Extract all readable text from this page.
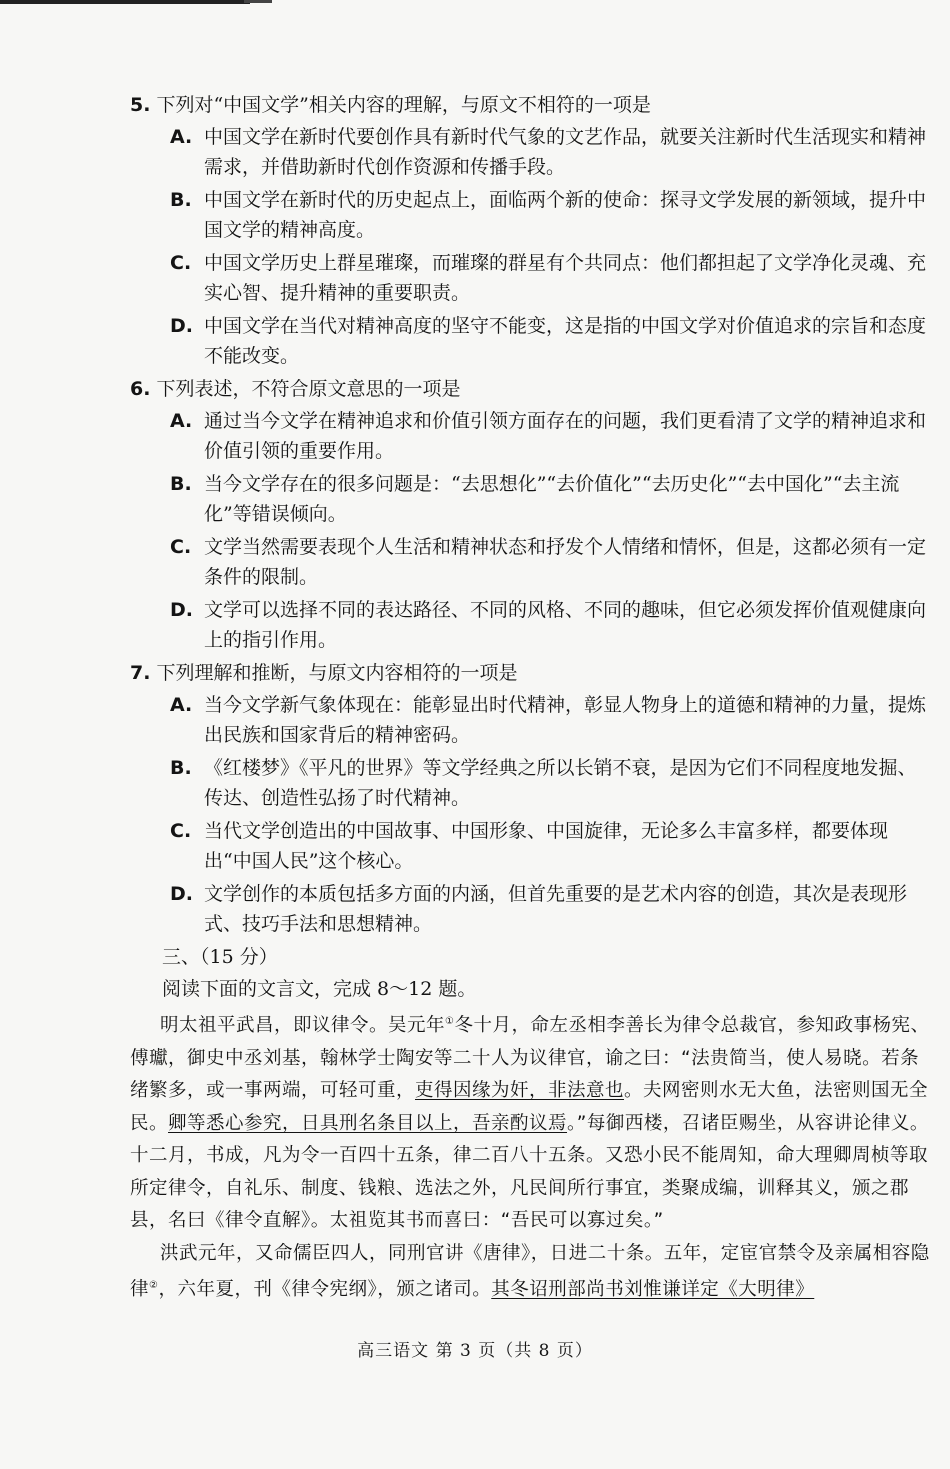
5. 下列对“中国文学”相关内容的理解，与原文不相符的一项是
A. 中国文学在新时代要创作具有新时代气象的文艺作品，就要关注新时代生活现实和精神需求，并借助新时代创作资源和传播手段。
B. 中国文学在新时代的历史起点上，面临两个新的使命：探寻文学发展的新领域，提升中国文学的精神高度。
C. 中国文学历史上群星璀璨，而璀璨的群星有个共同点：他们都担起了文学净化灵魂、充实心智、提升精神的重要职责。
D. 中国文学在当代对精神高度的坚守不能变，这是指的中国文学对价值追求的宗旨和态度不能改变。
6. 下列表述，不符合原文意思的一项是
A. 通过当今文学在精神追求和价值引领方面存在的问题，我们更看清了文学的精神追求和价值引领的重要作用。
B. 当今文学存在的很多问题是：“去思想化”“去价值化”“去历史化”“去中国化”“去主流化”等错误倾向。
C. 文学当然需要表现个人生活和精神状态和抒发个人情绪和情怀，但是，这都必须有一定条件的限制。
D. 文学可以选择不同的表达路径、不同的风格、不同的趣味，但它必须发挥价值观健康向上的指引作用。
7. 下列理解和推断，与原文内容相符的一项是
A. 当今文学新气象体现在：能彰显出时代精神，彰显人物身上的道德和精神的力量，提炼出民族和国家背后的精神密码。
B. 《红楼梦》《平凡的世界》等文学经典之所以长销不衰，是因为它们不同程度地发掘、传达、创造性弘扬了时代精神。
C. 当代文学创造出的中国故事、中国形象、中国旋律，无论多么丰富多样，都要体现出“中国人民”这个核心。
D. 文学创作的本质包括多方面的内涵，但首先重要的是艺术内容的创造，其次是表现形式、技巧手法和思想精神。
三、（15 分）
阅读下面的文言文，完成 8～12 题。
明太祖平武昌，即议律令。吴元年①冬十月，命左丞相李善长为律令总裁官，参知政事杨宪、傅瓛，御史中丞刘基，翰林学士陶安等二十人为议律官，谕之曰：“法贵简当，使人易晓。若条绪繁多，或一事两端，可轻可重，吏得因缘为奸，非法意也。夫网密则水无大鱼，法密则国无全民。卿等悉心参究，日具刑名条目以上，吾亲酌议焉。”每御西楼，召诸臣赐坐，从容讲论律义。十二月，书成，凡为令一百四十五条，律二百八十五条。又恐小民不能周知，命大理卿周桢等取所定律令，自礼乐、制度、钱粮、选法之外，凡民间所行事宜，类聚成编，训释其义，颁之郡县，名曰《律令直解》。太祖览其书而喜曰：“吾民可以寡过矣。”
洪武元年，又命儒臣四人，同刑官讲《唐律》，日进二十条。五年，定宦官禁令及亲属相容隐律②，六年夏，刊《律令宪纲》，颁之诸司。其冬诏刑部尚书刘惟谦详定《大明律》
高三语文 第 3 页（共 8 页）
